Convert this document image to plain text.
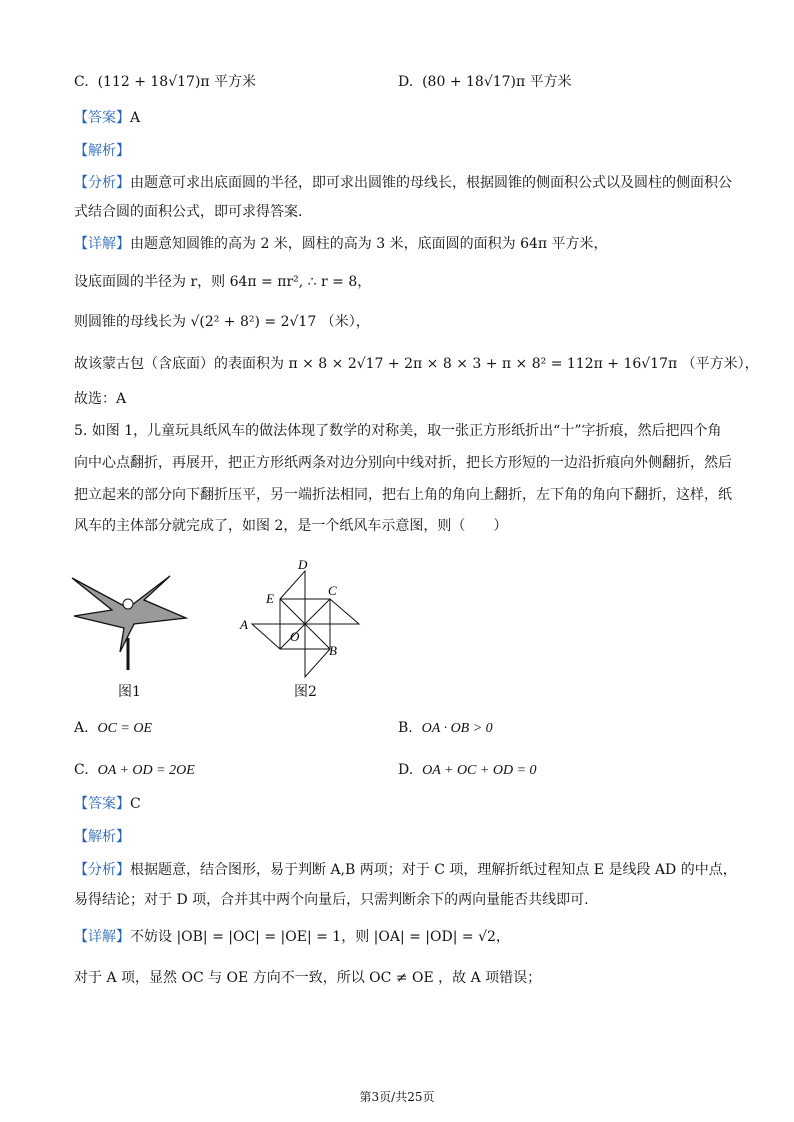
C. (112 + 18√17)π 平方米	D. (80 + 18√17)π 平方米
【答案】A
【解析】
【分析】由题意可求出底面圆的半径，即可求出圆锥的母线长，根据圆锥的侧面积公式以及圆柱的侧面积公
式结合圆的面积公式，即可求得答案.
【详解】由题意知圆锥的高为 2 米，圆柱的高为 3 米，底面圆的面积为 64π 平方米，
设底面圆的半径为 r，则 64π = πr², ∴ r = 8，
则圆锥的母线长为 √(2² + 8²) = 2√17 （米），
故该蒙古包（含底面）的表面积为 π × 8 × 2√17 + 2π × 8 × 3 + π × 8² = 112π + 16√17π （平方米），
故选：A
5. 如图 1，儿童玩具纸风车的做法体现了数学的对称美，取一张正方形纸折出“十”字折痕，然后把四个角
向中心点翻折，再展开，把正方形纸两条对边分别向中线对折，把长方形短的一边沿折痕向外侧翻折，然后
把立起来的部分向下翻折压平，另一端折法相同，把右上角的角向上翻折，左下角的角向下翻折，这样，纸
风车的主体部分就完成了，如图 2，是一个纸风车示意图，则（　　）
图1
D
E
C
A
O
B
图2
A. OC = OE	B. OA · OB > 0
C. OA + OD = 2OE	D. OA + OC + OD = 0
【答案】C
【解析】
【分析】根据题意，结合图形，易于判断 A,B 两项；对于 C 项，理解折纸过程知点 E 是线段 AD 的中点，
易得结论；对于 D 项，合并其中两个向量后，只需判断余下的两向量能否共线即可.
【详解】不妨设 |OB| = |OC| = |OE| = 1，则 |OA| = |OD| = √2，
对于 A 项，显然 OC 与 OE 方向不一致，所以 OC ≠ OE ，故 A 项错误；
第3页/共25页
